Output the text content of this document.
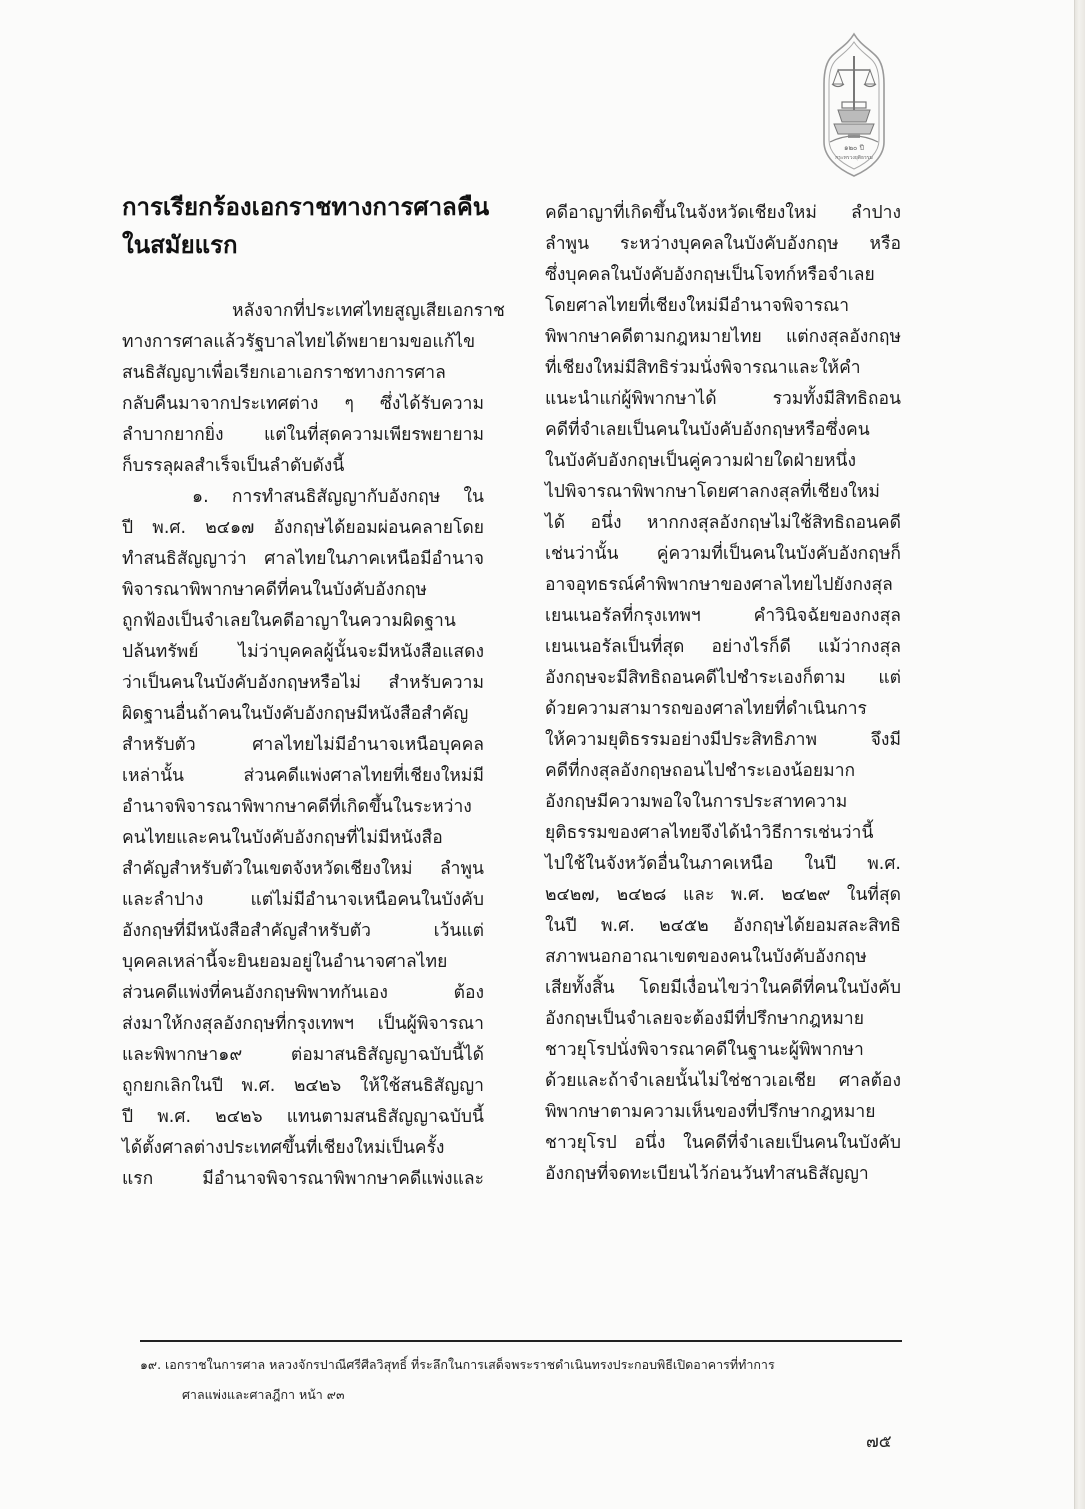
๑๒๐ ปี
กระทรวงยุติธรรม
การเรียกร้องเอกราชทางการศาลคืน
ในสมัยแรก
หลังจากที่ประเทศไทยสูญเสียเอกราช
ทางการศาลแล้วรัฐบาลไทยได้พยายามขอแก้ไข
สนธิสัญญาเพื่อเรียกเอาเอกราชทางการศาล
กลับคืนมาจากประเทศต่าง ๆ ซึ่งได้รับความ
ลำบากยากยิ่ง แต่ในที่สุดความเพียรพยายาม
ก็บรรลุผลสำเร็จเป็นลำดับดังนี้
๑. การทำสนธิสัญญากับอังกฤษ ใน
ปี พ.ศ. ๒๔๑๗ อังกฤษได้ยอมผ่อนคลายโดย
ทำสนธิสัญญาว่า ศาลไทยในภาคเหนือมีอำนาจ
พิจารณาพิพากษาคดีที่คนในบังคับอังกฤษ
ถูกฟ้องเป็นจำเลยในคดีอาญาในความผิดฐาน
ปล้นทรัพย์ ไม่ว่าบุคคลผู้นั้นจะมีหนังสือแสดง
ว่าเป็นคนในบังคับอังกฤษหรือไม่ สำหรับความ
ผิดฐานอื่นถ้าคนในบังคับอังกฤษมีหนังสือสำคัญ
สำหรับตัว ศาลไทยไม่มีอำนาจเหนือบุคคล
เหล่านั้น ส่วนคดีแพ่งศาลไทยที่เชียงใหม่มี
อำนาจพิจารณาพิพากษาคดีที่เกิดขึ้นในระหว่าง
คนไทยและคนในบังคับอังกฤษที่ไม่มีหนังสือ
สำคัญสำหรับตัวในเขตจังหวัดเชียงใหม่ ลำพูน
และลำปาง แต่ไม่มีอำนาจเหนือคนในบังคับ
อังกฤษที่มีหนังสือสำคัญสำหรับตัว เว้นแต่
บุคคลเหล่านี้จะยินยอมอยู่ในอำนาจศาลไทย
ส่วนคดีแพ่งที่คนอังกฤษพิพาทกันเอง ต้อง
ส่งมาให้กงสุลอังกฤษที่กรุงเทพฯ เป็นผู้พิจารณา
และพิพากษา๑๙ ต่อมาสนธิสัญญาฉบับนี้ได้
ถูกยกเลิกในปี พ.ศ. ๒๔๒๖ ให้ใช้สนธิสัญญา
ปี พ.ศ. ๒๔๒๖ แทนตามสนธิสัญญาฉบับนี้
ได้ตั้งศาลต่างประเทศขึ้นที่เชียงใหม่เป็นครั้ง
แรก มีอำนาจพิจารณาพิพากษาคดีแพ่งและ
คดีอาญาที่เกิดขึ้นในจังหวัดเชียงใหม่ ลำปาง
ลำพูน ระหว่างบุคคลในบังคับอังกฤษ หรือ
ซึ่งบุคคลในบังคับอังกฤษเป็นโจทก์หรือจำเลย
โดยศาลไทยที่เชียงใหม่มีอำนาจพิจารณา
พิพากษาคดีตามกฎหมายไทย แต่กงสุลอังกฤษ
ที่เชียงใหม่มีสิทธิร่วมนั่งพิจารณาและให้คำ
แนะนำแก่ผู้พิพากษาได้ รวมทั้งมีสิทธิถอน
คดีที่จำเลยเป็นคนในบังคับอังกฤษหรือซึ่งคน
ในบังคับอังกฤษเป็นคู่ความฝ่ายใดฝ่ายหนึ่ง
ไปพิจารณาพิพากษาโดยศาลกงสุลที่เชียงใหม่
ได้ อนึ่ง หากกงสุลอังกฤษไม่ใช้สิทธิถอนคดี
เช่นว่านั้น คู่ความที่เป็นคนในบังคับอังกฤษก็
อาจอุทธรณ์คำพิพากษาของศาลไทยไปยังกงสุล
เยนเนอรัลที่กรุงเทพฯ คำวินิจฉัยของกงสุล
เยนเนอรัลเป็นที่สุด อย่างไรก็ดี แม้ว่ากงสุล
อังกฤษจะมีสิทธิถอนคดีไปชำระเองก็ตาม แต่
ด้วยความสามารถของศาลไทยที่ดำเนินการ
ให้ความยุติธรรมอย่างมีประสิทธิภาพ จึงมี
คดีที่กงสุลอังกฤษถอนไปชำระเองน้อยมาก
อังกฤษมีความพอใจในการประสาทความ
ยุติธรรมของศาลไทยจึงได้นำวิธีการเช่นว่านี้
ไปใช้ในจังหวัดอื่นในภาคเหนือ ในปี พ.ศ.
๒๔๒๗, ๒๔๒๘ และ พ.ศ. ๒๔๒๙ ในที่สุด
ในปี พ.ศ. ๒๔๕๒ อังกฤษได้ยอมสละสิทธิ
สภาพนอกอาณาเขตของคนในบังคับอังกฤษ
เสียทั้งสิ้น โดยมีเงื่อนไขว่าในคดีที่คนในบังคับ
อังกฤษเป็นจำเลยจะต้องมีที่ปรึกษากฎหมาย
ชาวยุโรปนั่งพิจารณาคดีในฐานะผู้พิพากษา
ด้วยและถ้าจำเลยนั้นไม่ใช่ชาวเอเชีย ศาลต้อง
พิพากษาตามความเห็นของที่ปรึกษากฎหมาย
ชาวยุโรป อนึ่ง ในคดีที่จำเลยเป็นคนในบังคับ
อังกฤษที่จดทะเบียนไว้ก่อนวันทำสนธิสัญญา
๑๙. เอกราชในการศาล หลวงจักรปาณีศรีศีลวิสุทธิ์ ที่ระลึกในการเสด็จพระราชดำเนินทรงประกอบพิธีเปิดอาคารที่ทำการ
ศาลแพ่งและศาลฎีกา หน้า ๙๓
๗๕
